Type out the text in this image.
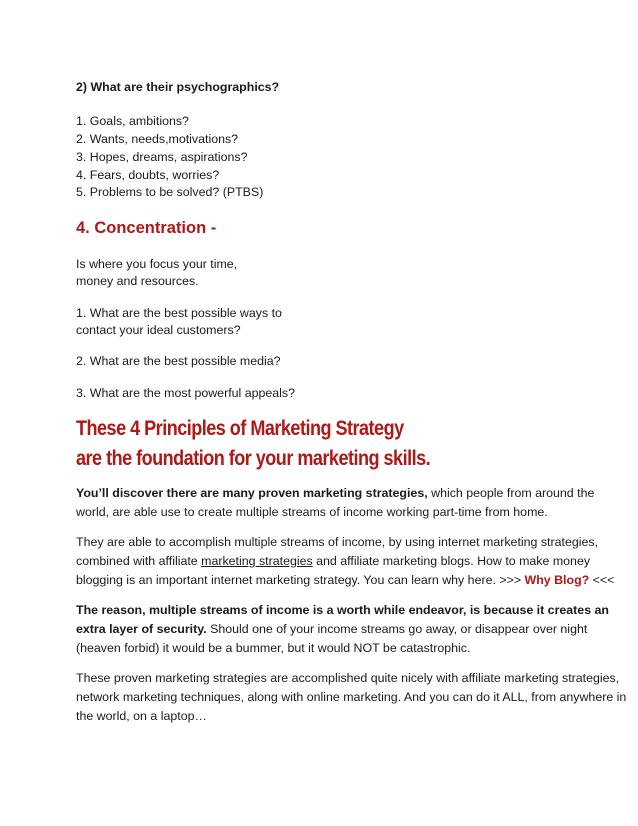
2) What are their psychographics?
1. Goals, ambitions?
2. Wants, needs,motivations?
3. Hopes, dreams, aspirations?
4. Fears, doubts, worries?
5. Problems to be solved? (PTBS)
4. Concentration -
Is where you focus your time,
money and resources.
1. What are the best possible ways to
contact your ideal customers?
2. What are the best possible media?
3. What are the most powerful appeals?
These 4 Principles of Marketing Strategy
are the foundation for your marketing skills.
You’ll discover there are many proven marketing strategies, which people from around the
world, are able use to create multiple streams of income working part-time from home.
They are able to accomplish multiple streams of income, by using internet marketing strategies,
combined with affiliate marketing strategies and affiliate marketing blogs. How to make money
blogging is an important internet marketing strategy. You can learn why here. >>> Why Blog? <<<
The reason, multiple streams of income is a worth while endeavor, is because it creates an
extra layer of security. Should one of your income streams go away, or disappear over night
(heaven forbid) it would be a bummer, but it would NOT be catastrophic.
These proven marketing strategies are accomplished quite nicely with affiliate marketing strategies,
network marketing techniques, along with online marketing. And you can do it ALL, from anywhere in
the world, on a laptop…
